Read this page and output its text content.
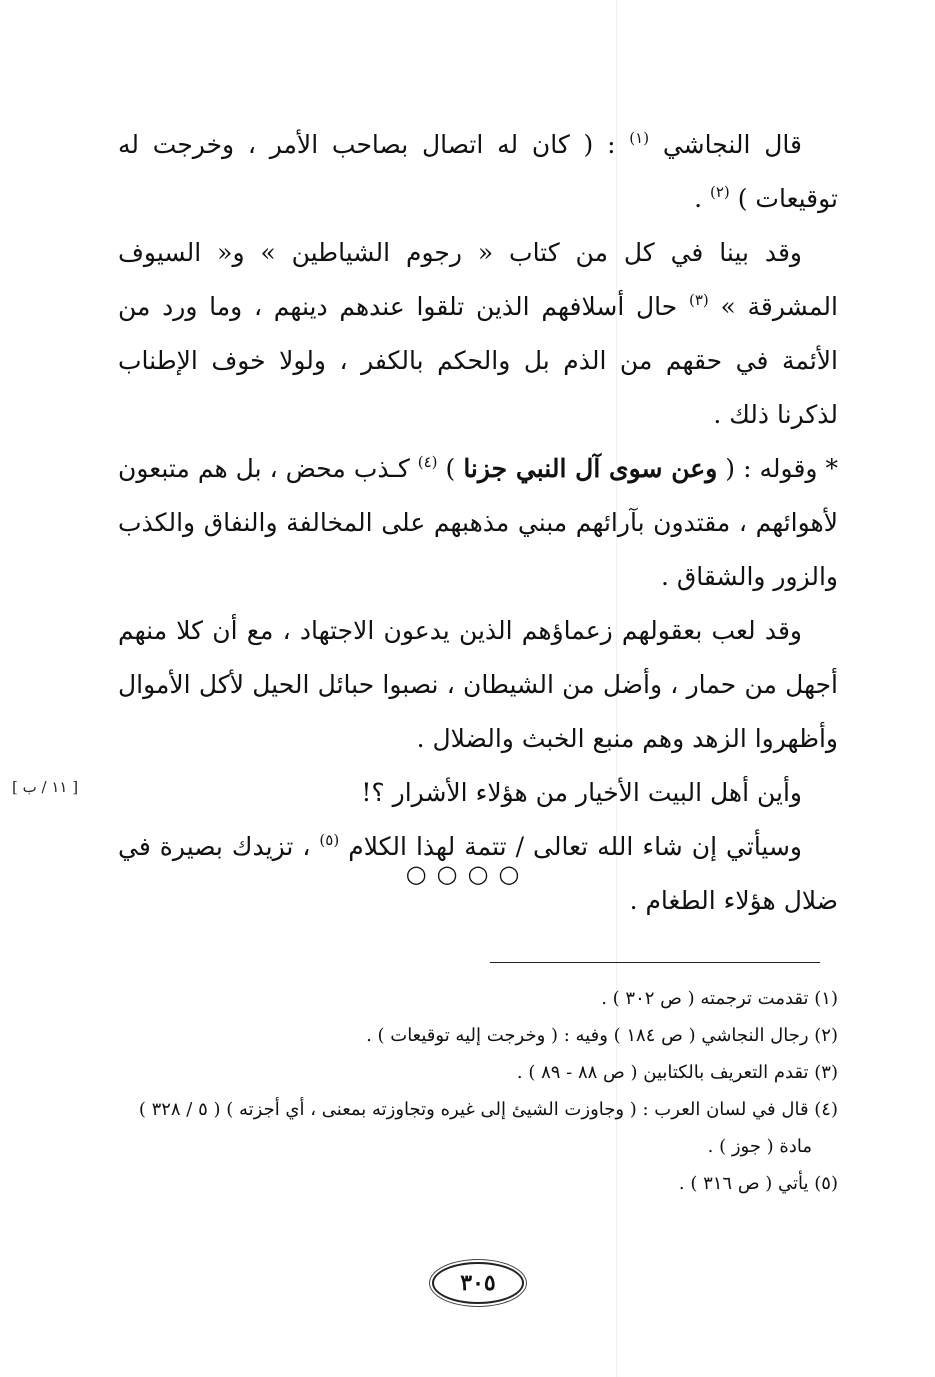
قال النجاشي $^{(١)}$ : ( كان له اتصال بصاحب الأمر ، وخرجت له توقيعات ) $^{(٢)}$ .

وقد بينا في كل من كتاب « رجوم الشياطين » و« السيوف المشرقة » $^{(٣)}$ حال أسلافهم الذين تلقوا عندهم دينهم ، وما ورد من الأئمة في حقهم من الذم بل والحكم بالكفر ، ولولا خوف الإطناب لذكرنا ذلك .

* وقوله : ( وعن سوى آل النبي جزنا ) $^{(٤)}$ كـذب محض ، بل هم متبعون لأهوائهم ، مقتدون بآرائهم مبني مذهبهم على المخالفة والنفاق والكذب والزور والشقاق .

وقد لعب بعقولهم زعماؤهم الذين يدعون الاجتهاد ، مع أن كلا منهم أجهل من حمار ، وأضل من الشيطان ، نصبوا حبائل الحيل لأكل الأموال وأظهروا الزهد وهم منبع الخبث والضلال .

وأين أهل البيت الأخيار من هؤلاء الأشرار ؟!

وسيأتي إن شاء الله تعالى / تتمة لهذا الكلام $^{(٥)}$ ، تزيدك بصيرة في ضلال هؤلاء الطغام .

[ ١١ / ب ]
○○○○

(١) تقدمت ترجمته ( ص ٣٠٢ ) .

(٢) رجال النجاشي ( ص ١٨٤ ) وفيه : ( وخرجت إليه توقيعات ) .

(٣) تقدم التعريف بالكتابين ( ص ٨٨ - ٨٩ ) .

(٤) قال في لسان العرب : ( وجاوزت الشيئ إلى غيره وتجاوزته بمعنى ، أي أجزته ) ( ٥ / ٣٢٨ )

مادة ( جوز ) .

(٥) يأتي ( ص ٣١٦ ) .

٣٠٥
